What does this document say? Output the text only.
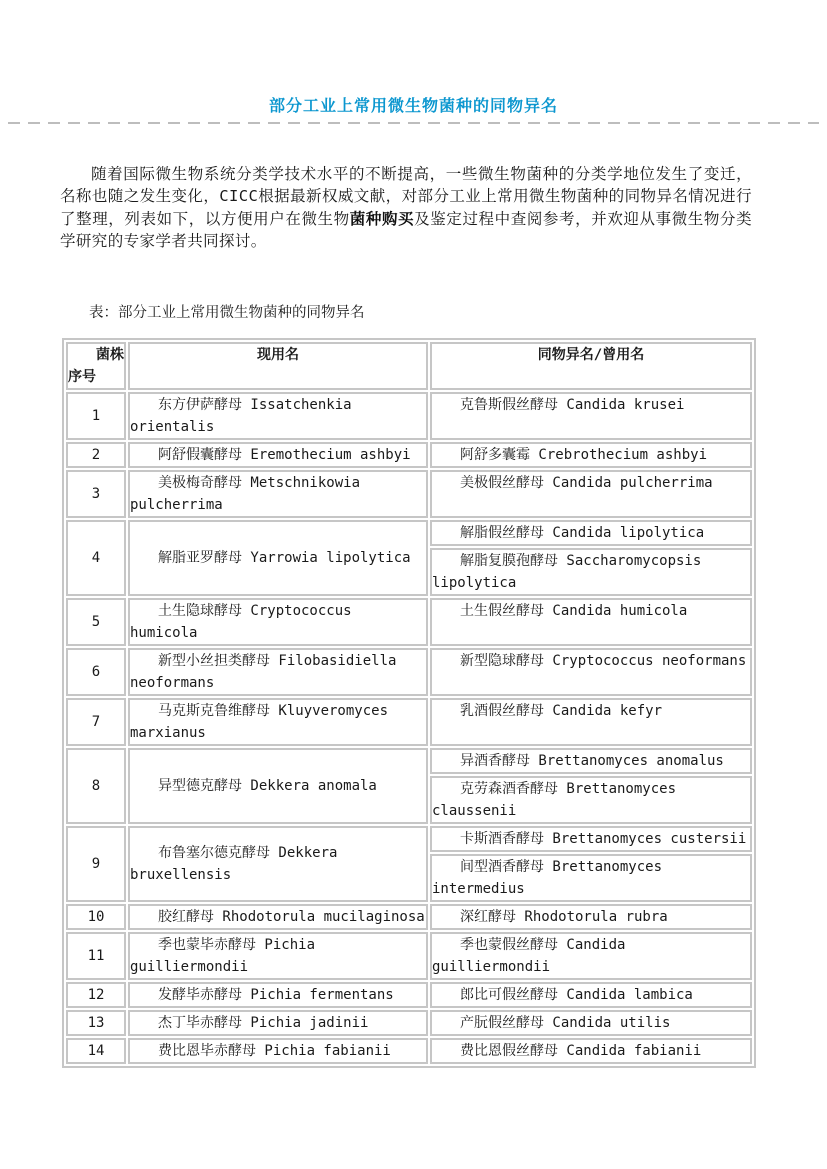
部分工业上常用微生物菌种的同物异名

随着国际微生物系统分类学技术水平的不断提高，一些微生物菌种的分类学地位发生了变迁，名称也随之发生变化，CICC根据最新权威文献，对部分工业上常用微生物菌种的同物异名情况进行了整理，列表如下，以方便用户在微生物菌种购买及鉴定过程中查阅参考，并欢迎从事微生物分类学研究的专家学者共同探讨。

表：部分工业上常用微生物菌种的同物异名
菌株序号	现用名	同物异名/曾用名
1	东方伊萨酵母 Issatchenkia orientalis	克鲁斯假丝酵母 Candida krusei
2	阿舒假囊酵母 Eremothecium ashbyi	阿舒多囊霉 Crebrothecium ashbyi
3	美极梅奇酵母 Metschnikowia pulcherrima	美极假丝酵母 Candida pulcherrima
4	解脂亚罗酵母 Yarrowia lipolytica	解脂假丝酵母 Candida lipolytica
		解脂复膜孢酵母 Saccharomycopsis lipolytica
5	土生隐球酵母 Cryptococcus humicola	土生假丝酵母 Candida humicola
6	新型小丝担类酵母 Filobasidiella neoformans	新型隐球酵母 Cryptococcus neoformans
7	马克斯克鲁维酵母 Kluyveromyces marxianus	乳酒假丝酵母 Candida kefyr
8	异型德克酵母 Dekkera anomala	异酒香酵母 Brettanomyces anomalus
		克劳森酒香酵母 Brettanomyces claussenii
9	布鲁塞尔德克酵母 Dekkera bruxellensis	卡斯酒香酵母 Brettanomyces custersii
		间型酒香酵母 Brettanomyces intermedius
10	胶红酵母 Rhodotorula mucilaginosa	深红酵母 Rhodotorula rubra
11	季也蒙毕赤酵母 Pichia guilliermondii	季也蒙假丝酵母 Candida guilliermondii
12	发酵毕赤酵母 Pichia fermentans	郎比可假丝酵母 Candida lambica
13	杰丁毕赤酵母 Pichia jadinii	产朊假丝酵母 Candida utilis
14	费比恩毕赤酵母 Pichia fabianii	费比恩假丝酵母 Candida fabianii
